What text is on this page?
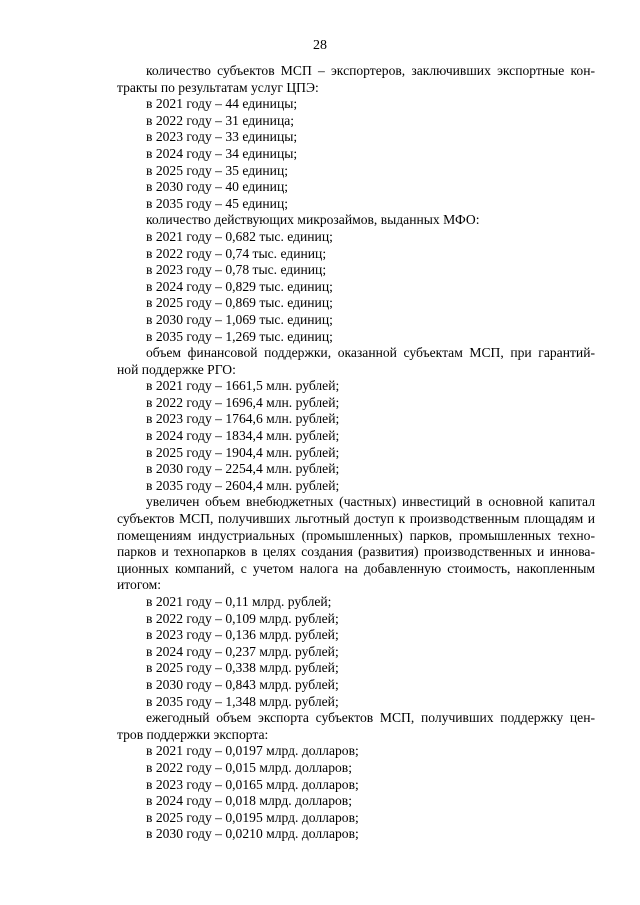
28
количество субъектов МСП – экспортеров, заключивших экспортные кон-
тракты по результатам услуг ЦПЭ:
в 2021 году – 44 единицы;
в 2022 году – 31 единица;
в 2023 году – 33 единицы;
в 2024 году – 34 единицы;
в 2025 году – 35 единиц;
в 2030 году – 40 единиц;
в 2035 году – 45 единиц;
количество действующих микрозаймов, выданных МФО:
в 2021 году – 0,682 тыс. единиц;
в 2022 году – 0,74 тыс. единиц;
в 2023 году – 0,78 тыс. единиц;
в 2024 году – 0,829 тыс. единиц;
в 2025 году – 0,869 тыс. единиц;
в 2030 году – 1,069 тыс. единиц;
в 2035 году – 1,269 тыс. единиц;
объем финансовой поддержки, оказанной субъектам МСП, при гарантий-
ной поддержке РГО:
в 2021 году – 1661,5 млн. рублей;
в 2022 году – 1696,4 млн. рублей;
в 2023 году – 1764,6 млн. рублей;
в 2024 году – 1834,4 млн. рублей;
в 2025 году – 1904,4 млн. рублей;
в 2030 году – 2254,4 млн. рублей;
в 2035 году – 2604,4 млн. рублей;
увеличен объем внебюджетных (частных) инвестиций в основной капитал
субъектов МСП, получивших льготный доступ к производственным площадям и
помещениям индустриальных (промышленных) парков, промышленных техно-
парков и технопарков в целях создания (развития) производственных и иннова-
ционных компаний, с учетом налога на добавленную стоимость, накопленным
итогом:
в 2021 году – 0,11 млрд. рублей;
в 2022 году – 0,109 млрд. рублей;
в 2023 году – 0,136 млрд. рублей;
в 2024 году – 0,237 млрд. рублей;
в 2025 году – 0,338 млрд. рублей;
в 2030 году – 0,843 млрд. рублей;
в 2035 году – 1,348 млрд. рублей;
ежегодный объем экспорта субъектов МСП, получивших поддержку цен-
тров поддержки экспорта:
в 2021 году – 0,0197 млрд. долларов;
в 2022 году – 0,015 млрд. долларов;
в 2023 году – 0,0165 млрд. долларов;
в 2024 году – 0,018 млрд. долларов;
в 2025 году – 0,0195 млрд. долларов;
в 2030 году – 0,0210 млрд. долларов;
